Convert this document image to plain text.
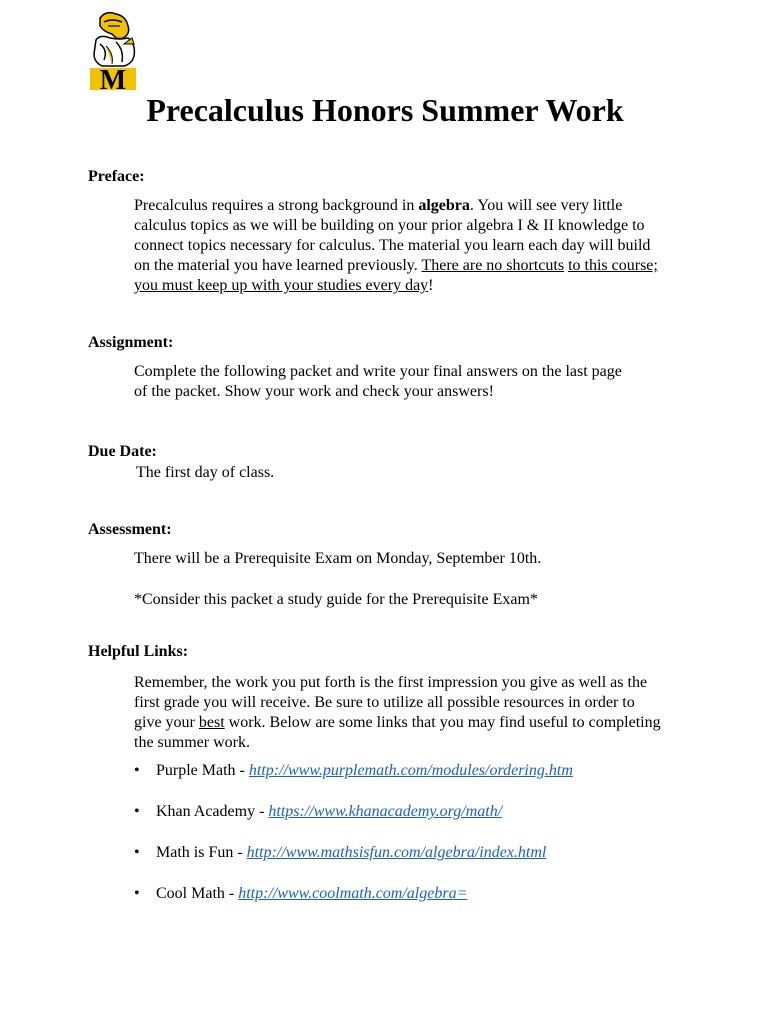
M
Precalculus Honors Summer Work

Preface:

Precalculus requires a strong background in algebra. You will see very little
calculus topics as we will be building on your prior algebra I & II knowledge to
connect topics necessary for calculus. The material you learn each day will build
on the material you have learned previously. There are no shortcuts to this course;
you must keep up with your studies every day!

Assignment:

Complete the following packet and write your final answers on the last page
of the packet. Show your work and check your answers!

Due Date:

The first day of class.

Assessment:

There will be a Prerequisite Exam on Monday, September 10th.

*Consider this packet a study guide for the Prerequisite Exam*

Helpful Links:

Remember, the work you put forth is the first impression you give as well as the
first grade you will receive. Be sure to utilize all possible resources in order to
give your best work. Below are some links that you may find useful to completing
the summer work.

• Purple Math - http://www.purplemath.com/modules/ordering.htm
• Khan Academy - https://www.khanacademy.org/math/
• Math is Fun - http://www.mathsisfun.com/algebra/index.html
• Cool Math - http://www.coolmath.com/algebra=
